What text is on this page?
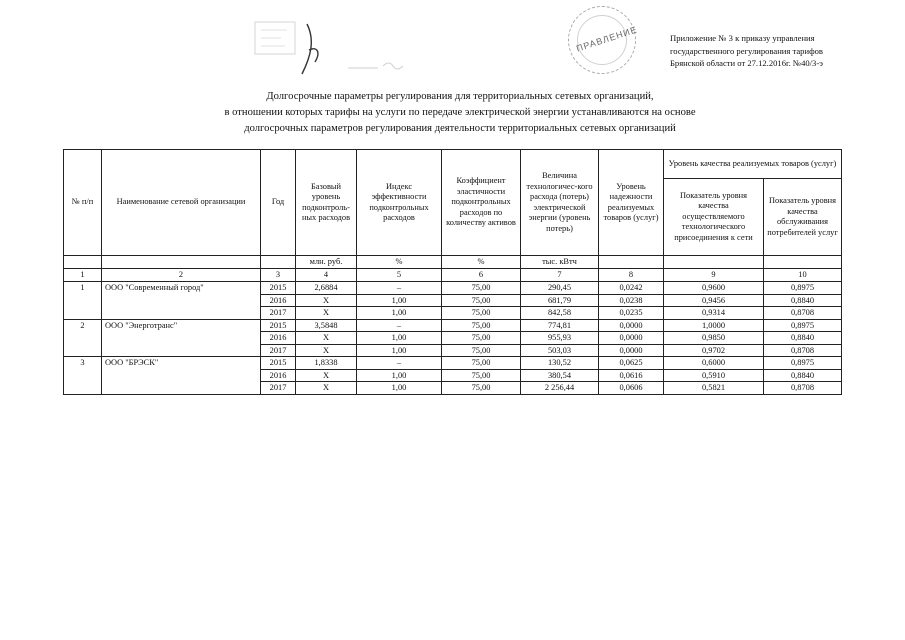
ПРАВЛЕНИЕ	Приложение № 3 к приказу управления
государственного регулирования тарифов
Брянской области от 27.12.2016г. №40/3-э
Долгосрочные параметры регулирования для территориальных сетевых организаций,
в отношении которых тарифы на услуги по передаче электрической энергии устанавливаются на основе
долгосрочных параметров регулирования деятельности территориальных сетевых организаций
№ п/п	Наименование сетевой организации	Год	Базовый уровень подконтроль-ных расходов	Индекс эффективности подконтрольных расходов	Коэффициент эластичности подконтрольных расходов по количеству активов	Величина технологичес-кого расхода (потерь) электрической энергии (уровень потерь)	Уровень надежности реализуемых товаров (услуг)	Уровень качества реализуемых товаров (услуг)	
								Показатель уровня качества осуществляемого технологического присоединения к сети	Показатель уровня качества обслуживания потребителей услуг
			млн. руб.	%	%	тыс. кВтч			
1	2	3	4	5	6	7	8	9	10
1	ООО "Современный город"	2015	2,6884	–	75,00	290,45	0,0242	0,9600	0,8975
		2016	Х	1,00	75,00	681,79	0,0238	0,9456	0,8840
		2017	Х	1,00	75,00	842,58	0,0235	0,9314	0,8708
2	ООО "Энерготранс"	2015	3,5848	–	75,00	774,81	0,0000	1,0000	0,8975
		2016	Х	1,00	75,00	955,93	0,0000	0,9850	0,8840
		2017	Х	1,00	75,00	503,03	0,0000	0,9702	0,8708
3	ООО "БРЭСК"	2015	1,8338	–	75,00	130,52	0,0625	0,6000	0,8975
		2016	Х	1,00	75,00	380,54	0,0616	0,5910	0,8840
		2017	Х	1,00	75,00	2 256,44	0,0606	0,5821	0,8708
